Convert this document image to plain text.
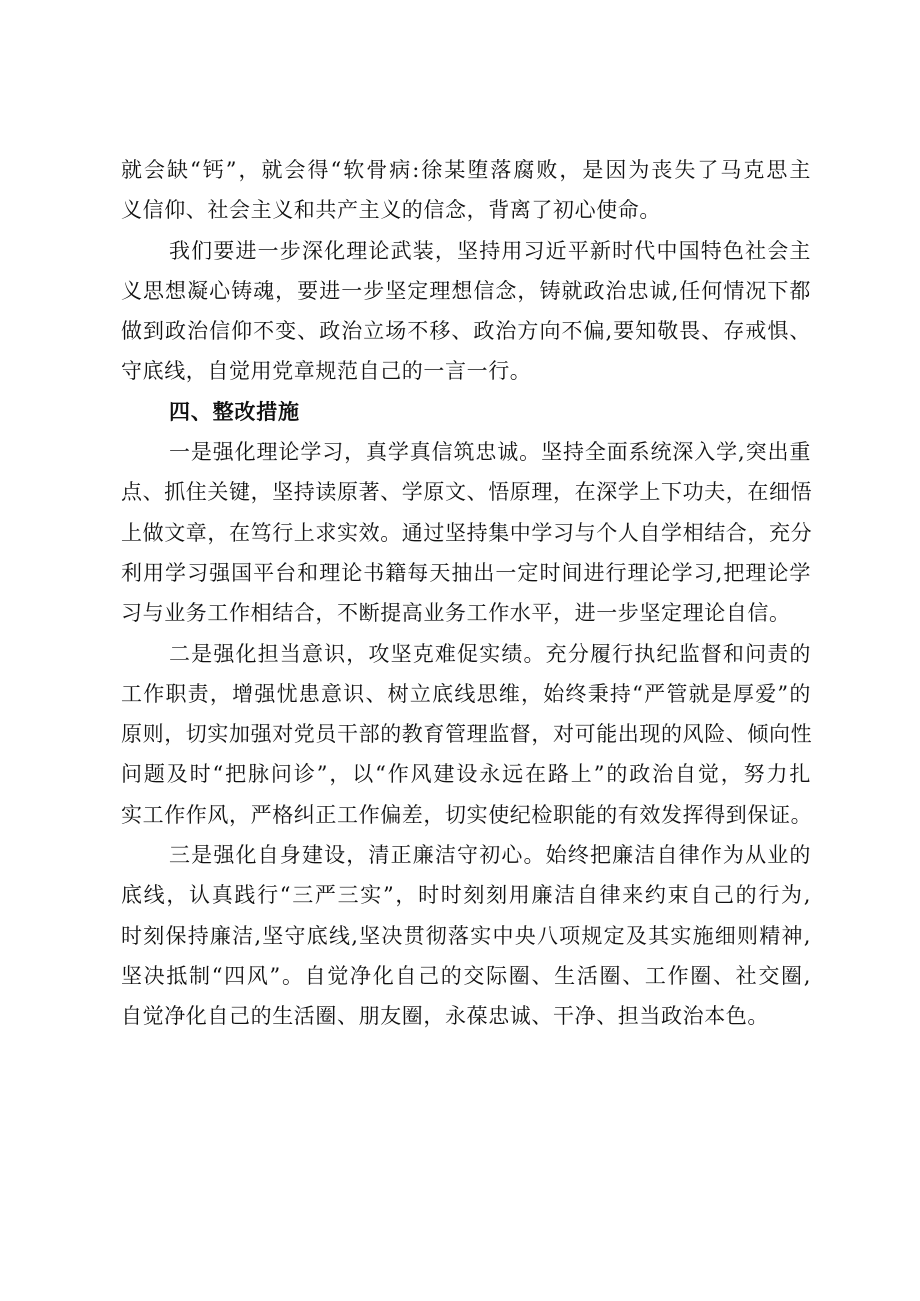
就会缺“钙”，就会得“软骨病:徐某堕落腐败，是因为丧失了马克思主
义信仰、社会主义和共产主义的信念，背离了初心使命。
我们要进一步深化理论武装，坚持用习近平新时代中国特色社会主
义思想凝心铸魂，要进一步坚定理想信念，铸就政治忠诚,任何情况下都
做到政治信仰不变、政治立场不移、政治方向不偏,要知敬畏、存戒惧、
守底线，自觉用党章规范自己的一言一行。
四、整改措施
一是强化理论学习，真学真信筑忠诚。坚持全面系统深入学,突出重
点、抓住关键，坚持读原著、学原文、悟原理，在深学上下功夫，在细悟
上做文章，在笃行上求实效。通过坚持集中学习与个人自学相结合，充分
利用学习强国平台和理论书籍每天抽出一定时间进行理论学习,把理论学
习与业务工作相结合，不断提高业务工作水平，进一步坚定理论自信。
二是强化担当意识，攻坚克难促实绩。充分履行执纪监督和问责的
工作职责，增强忧患意识、树立底线思维，始终秉持“严管就是厚爱”的
原则，切实加强对党员干部的教育管理监督，对可能出现的风险、倾向性
问题及时“把脉问诊”，以“作风建设永远在路上”的政治自觉，努力扎
实工作作风，严格纠正工作偏差，切实使纪检职能的有效发挥得到保证。
三是强化自身建设，清正廉洁守初心。始终把廉洁自律作为从业的
底线，认真践行“三严三实”，时时刻刻用廉洁自律来约束自己的行为,
时刻保持廉洁,坚守底线,坚决贯彻落实中央八项规定及其实施细则精神,
坚决抵制“四风”。自觉净化自己的交际圈、生活圈、工作圈、社交圈,
自觉净化自己的生活圈、朋友圈，永葆忠诚、干净、担当政治本色。
